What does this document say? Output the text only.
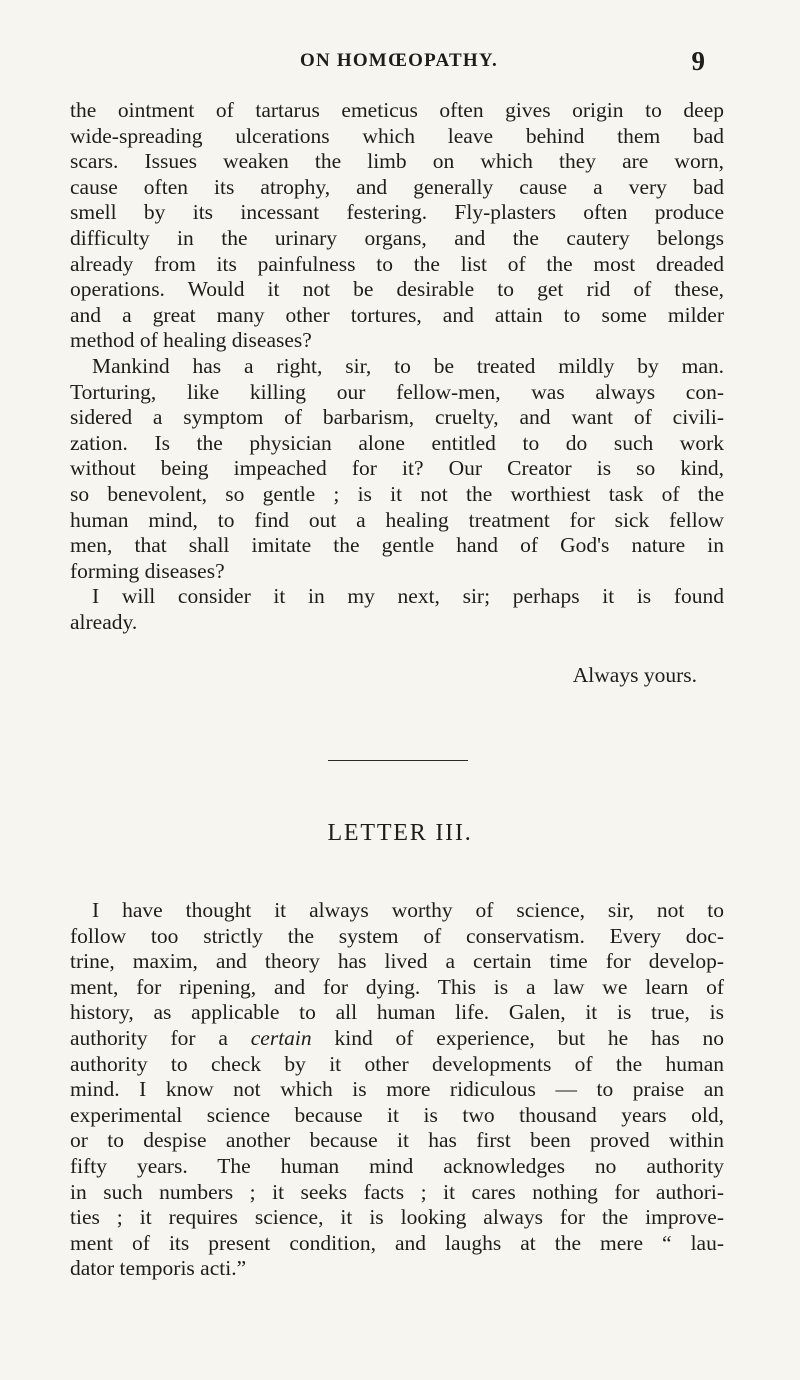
ON HOMŒOPATHY.	9
the ointment of tartarus emeticus often gives origin to deep
wide-spreading ulcerations which leave behind them bad
scars. Issues weaken the limb on which they are worn,
cause often its atrophy, and generally cause a very bad
smell by its incessant festering. Fly-plasters often produce
difficulty in the urinary organs, and the cautery belongs
already from its painfulness to the list of the most dreaded
operations. Would it not be desirable to get rid of these,
and a great many other tortures, and attain to some milder
method of healing diseases?
Mankind has a right, sir, to be treated mildly by man.
Torturing, like killing our fellow-men, was always con-
sidered a symptom of barbarism, cruelty, and want of civili-
zation. Is the physician alone entitled to do such work
without being impeached for it? Our Creator is so kind,
so benevolent, so gentle ; is it not the worthiest task of the
human mind, to find out a healing treatment for sick fellow
men, that shall imitate the gentle hand of God's nature in
forming diseases?
I will consider it in my next, sir; perhaps it is found
already.
Always yours.
LETTER III.
I have thought it always worthy of science, sir, not to
follow too strictly the system of conservatism. Every doc-
trine, maxim, and theory has lived a certain time for develop-
ment, for ripening, and for dying. This is a law we learn of
history, as applicable to all human life. Galen, it is true, is
authority for a certain kind of experience, but he has no
authority to check by it other developments of the human
mind. I know not which is more ridiculous — to praise an
experimental science because it is two thousand years old,
or to despise another because it has first been proved within
fifty years. The human mind acknowledges no authority
in such numbers ; it seeks facts ; it cares nothing for authori-
ties ; it requires science, it is looking always for the improve-
ment of its present condition, and laughs at the mere “ lau-
dator temporis acti.”
